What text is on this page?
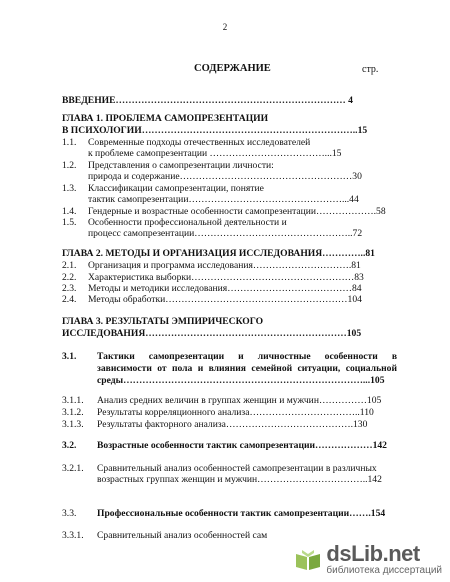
2
СОДЕРЖАНИЕ	стр.
ВВЕДЕНИЕ……………………………………………………………… 4
ГЛАВА 1. ПРОБЛЕМА САМОПРЕЗЕНТАЦИИ
В ПСИХОЛОГИИ…………………………………………………………..15
1.1. Современные подходы отечественных исследователей
к проблеме самопрезентации ………………………………...15
1.2. Представления о самопрезентации личности:
природа и содержание………………………………………………30
1.3. Классификации самопрезентации, понятие
тактик самопрезентации…………………………………………...44
1.4. Гендерные и возрастные особенности самопрезентации……………….58
1.5. Особенности профессиональной деятельности и
процесс самопрезентации…………………………………………..72
ГЛАВА 2. МЕТОДЫ И ОРГАНИЗАЦИЯ ИССЛЕДОВАНИЯ…………..81
2.1. Организация и программа исследования………………………….81
2.2. Характеристика выборки……………………………………………83
2.3. Методы и методики исследования…………………………………84
2.4. Методы обработки…………………………………………………104
ГЛАВА 3. РЕЗУЛЬТАТЫ ЭМПИРИЧЕСКОГО
ИССЛЕДОВАНИЯ………………………………………………………105
3.1. Тактики самопрезентации и личностные особенности в
зависимости от пола и влияния семейной ситуации, социальной
среды…………………………………………………………………...105
3.1.1. Анализ средних величин в группах женщин и мужчин……………105
3.1.2. Результаты корреляционного анализа……………………………..110
3.1.3. Результаты факторного анализа………………………………….130
3.2. Возрастные особенности тактик самопрезентации………………142
3.2.1. Сравнительный анализ особенностей самопрезентации в различных
возрастных группах женщин и мужчин……………………………..142
3.3. Профессиональные особенности тактик самопрезентации…….154
3.3.1. Сравнительный анализ особенностей сам
dsLib.net
библиотека диссертаций
